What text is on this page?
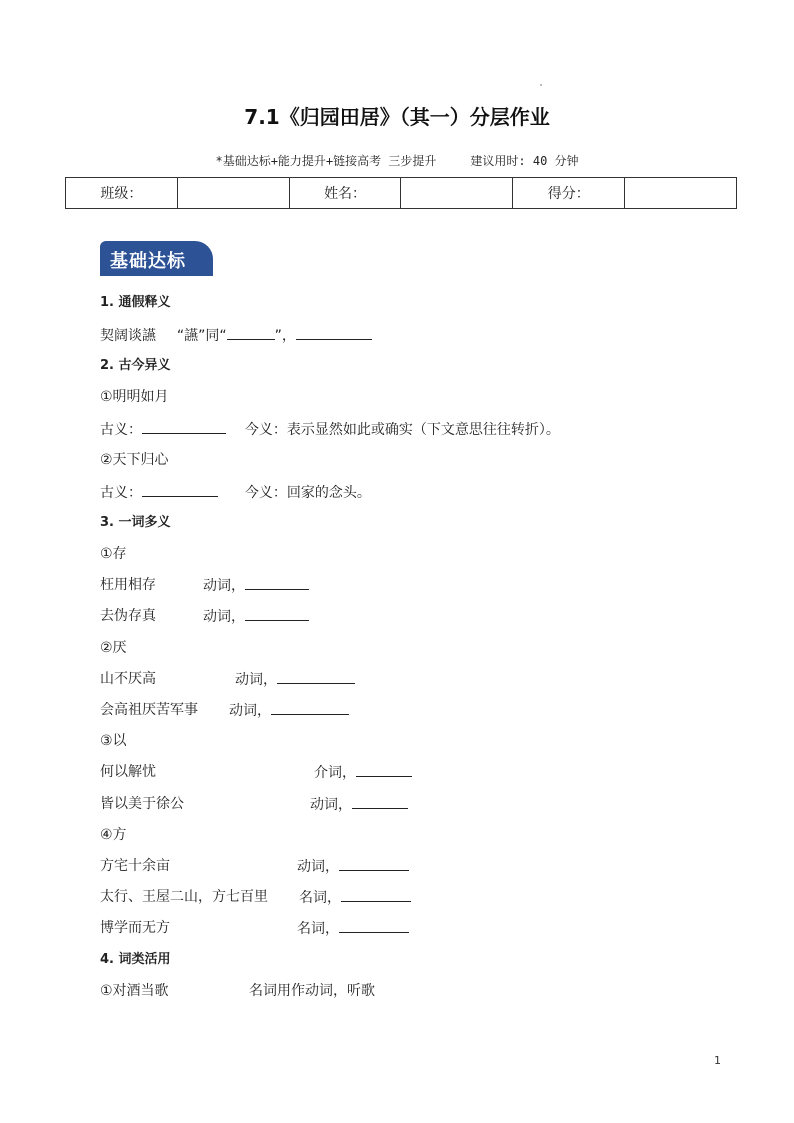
7.1《归园田居》（其一）分层作业
*基础达标+能力提升+链接高考 三步提升	建议用时: 40 分钟
班级：		姓名：		得分：	
基础达标
1. 通假释义
契阔谈讌 “讌”同“	”，
2. 古今异义
①明明如月
古义：	今义：表示显然如此或确实（下文意思往往转折）。
②天下归心
古义：	今义：回家的念头。
3. 一词多义
①存
枉用相存	动词，
去伪存真	动词，
②厌
山不厌高	动词，
会高祖厌苦军事 动词，
③以
何以解忧	介词，
皆以美于徐公	动词，
④方
方宅十余亩	动词，
太行、王屋二山，方七百里 名词，
博学而无方	名词，
4. 词类活用
①对酒当歌	名词用作动词，听歌
1
